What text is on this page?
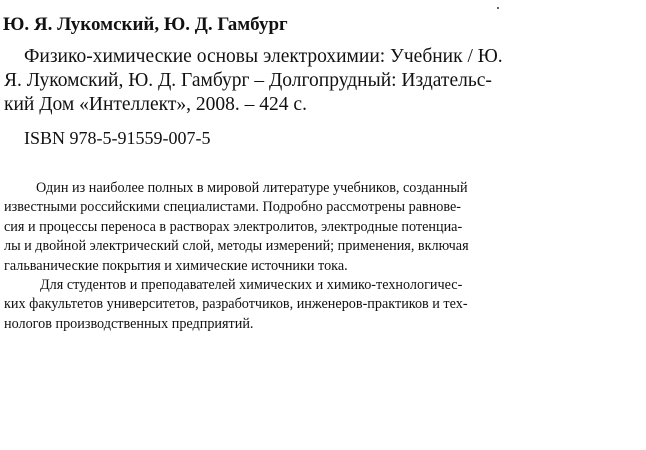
Ю. Я. Лукомский, Ю. Д. Гамбург
Физико-химические основы электрохимии: Учебник / Ю.
Я. Лукомский, Ю. Д. Гамбург – Долгопрудный: Издательс-
кий Дом «Интеллект», 2008. – 424 с.
ISBN 978-5-91559-007-5
Один из наиболее полных в мировой литературе учебников, созданный
известными российскими специалистами. Подробно рассмотрены равнове-
сия и процессы переноса в растворах электролитов, электродные потенциа-
лы и двойной электрический слой, методы измерений; применения, включая
гальванические покрытия и химические источники тока.
Для студентов и преподавателей химических и химико-технологичес-
ких факультетов университетов, разработчиков, инженеров-практиков и тех-
нологов производственных предприятий.
